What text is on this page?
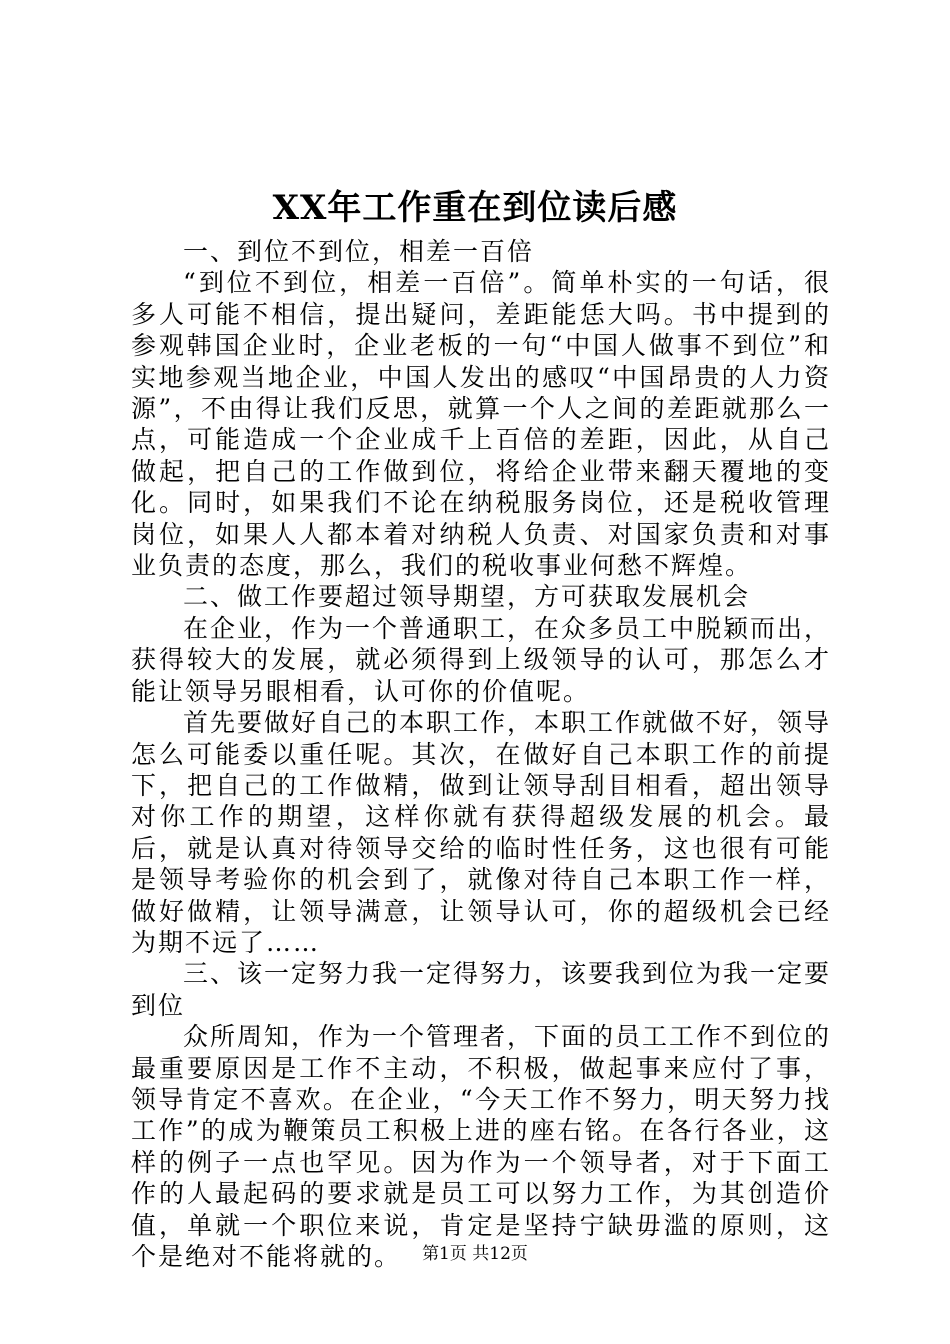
XX年工作重在到位读后感

一、到位不到位，相差一百倍

“到位不到位，相差一百倍”。简单朴实的一句话，很多人可能不相信，提出疑问，差距能恁大吗。书中提到的参观韩国企业时，企业老板的一句“中国人做事不到位”和实地参观当地企业，中国人发出的感叹“中国昂贵的人力资源”，不由得让我们反思，就算一个人之间的差距就那么一点，可能造成一个企业成千上百倍的差距，因此，从自己做起，把自己的工作做到位，将给企业带来翻天覆地的变化。同时，如果我们不论在纳税服务岗位，还是税收管理岗位，如果人人都本着对纳税人负责、对国家负责和对事业负责的态度，那么，我们的税收事业何愁不辉煌。

二、做工作要超过领导期望，方可获取发展机会

在企业，作为一个普通职工，在众多员工中脱颖而出，获得较大的发展，就必须得到上级领导的认可，那怎么才能让领导另眼相看，认可你的价值呢。

首先要做好自己的本职工作，本职工作就做不好，领导怎么可能委以重任呢。其次，在做好自己本职工作的前提下，把自己的工作做精，做到让领导刮目相看，超出领导对你工作的期望，这样你就有获得超级发展的机会。最后，就是认真对待领导交给的临时性任务，这也很有可能是领导考验你的机会到了，就像对待自己本职工作一样，做好做精，让领导满意，让领导认可，你的超级机会已经为期不远了……

三、该一定努力我一定得努力，该要我到位为我一定要到位

众所周知，作为一个管理者，下面的员工工作不到位的最重要原因是工作不主动，不积极，做起事来应付了事，领导肯定不喜欢。在企业，“今天工作不努力，明天努力找工作”的成为鞭策员工积极上进的座右铭。在各行各业，这样的例子一点也罕见。因为作为一个领导者，对于下面工作的人最起码的要求就是员工可以努力工作，为其创造价值，单就一个职位来说，肯定是坚持宁缺毋滥的原则，这个是绝对不能将就的。	第1页 共12页
